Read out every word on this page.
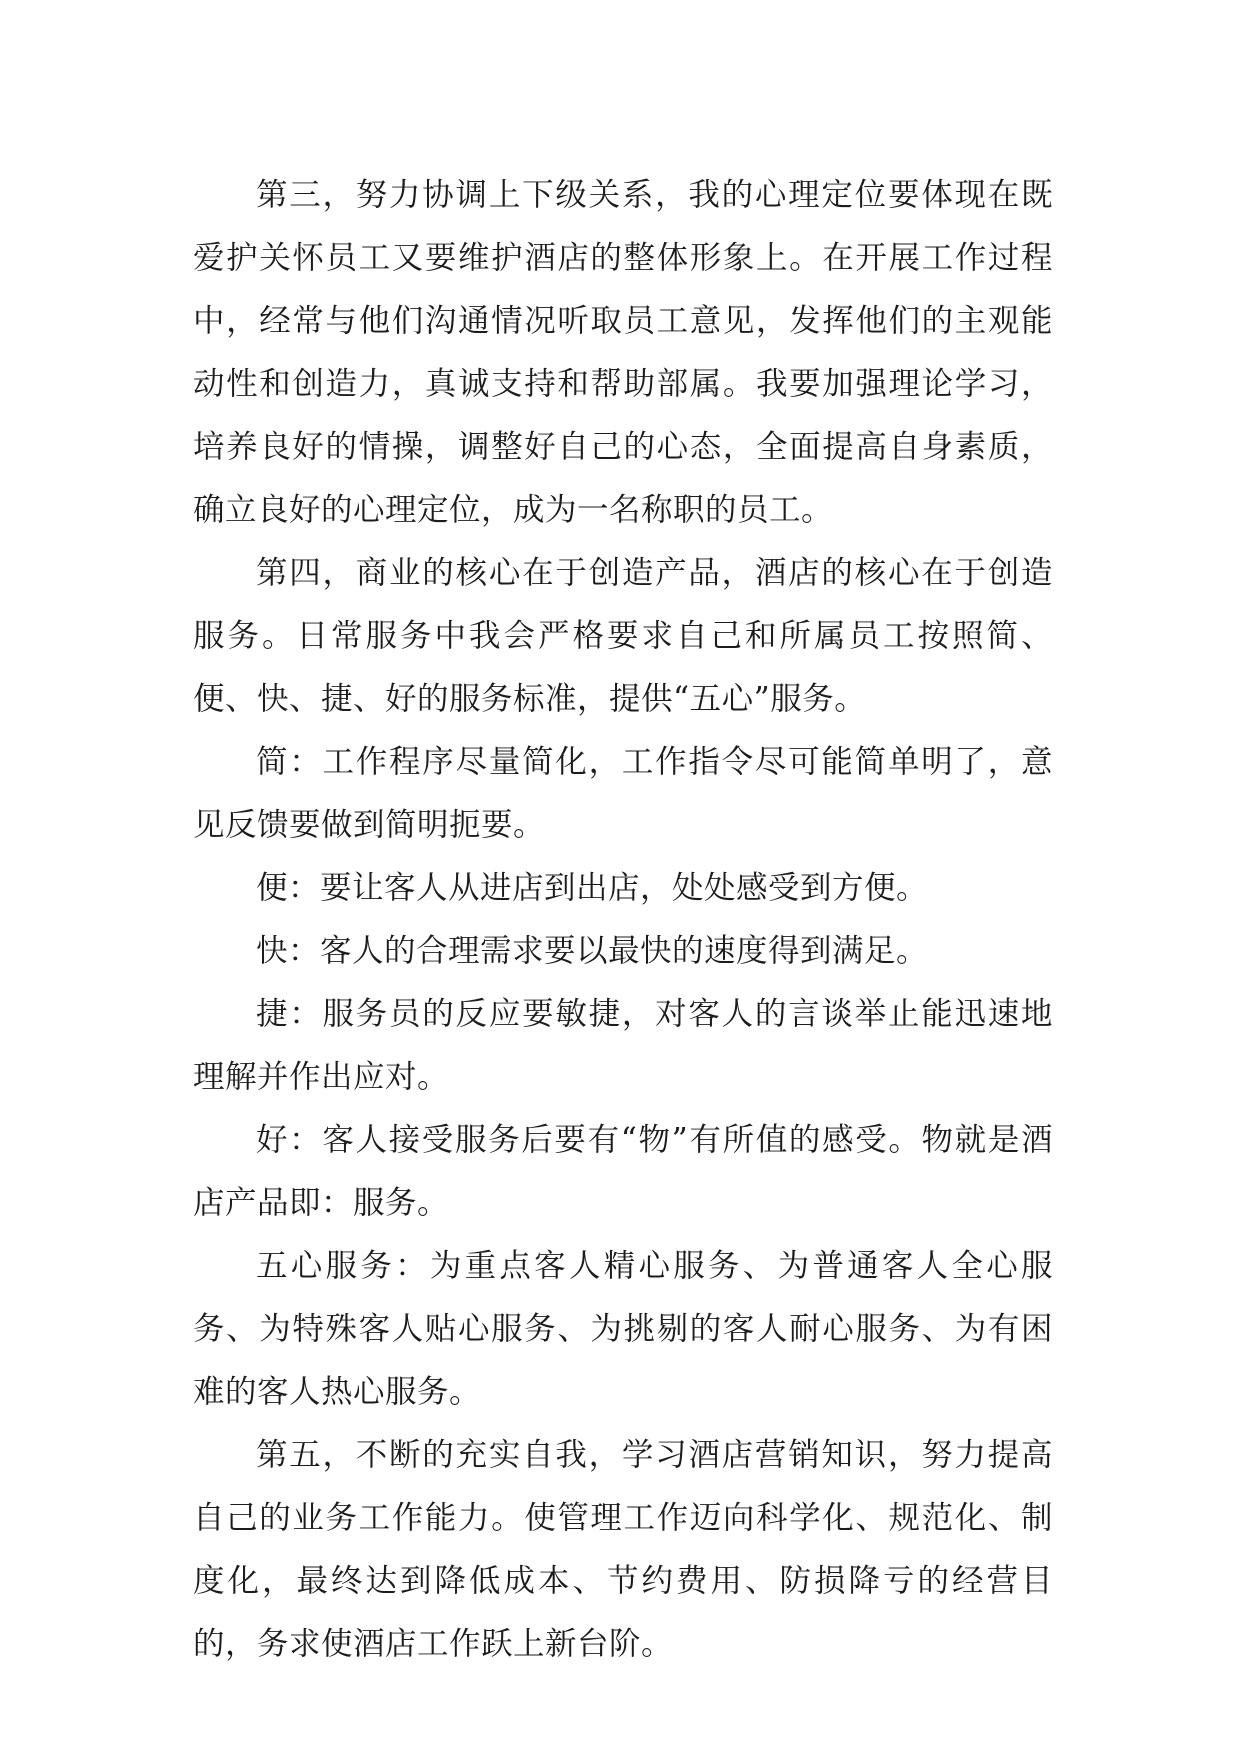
第三，努力协调上下级关系，我的心理定位要体现在既爱护关怀员工又要维护酒店的整体形象上。在开展工作过程中，经常与他们沟通情况听取员工意见，发挥他们的主观能动性和创造力，真诚支持和帮助部属。我要加强理论学习，培养良好的情操，调整好自己的心态，全面提高自身素质，确立良好的心理定位，成为一名称职的员工。

第四，商业的核心在于创造产品，酒店的核心在于创造服务。日常服务中我会严格要求自己和所属员工按照简、便、快、捷、好的服务标准，提供“五心”服务。

简：工作程序尽量简化，工作指令尽可能简单明了，意见反馈要做到简明扼要。

便：要让客人从进店到出店，处处感受到方便。

快：客人的合理需求要以最快的速度得到满足。

捷：服务员的反应要敏捷，对客人的言谈举止能迅速地理解并作出应对。

好：客人接受服务后要有“物”有所值的感受。物就是酒店产品即：服务。

五心服务：为重点客人精心服务、为普通客人全心服务、为特殊客人贴心服务、为挑剔的客人耐心服务、为有困难的客人热心服务。

第五，不断的充实自我，学习酒店营销知识，努力提高自己的业务工作能力。使管理工作迈向科学化、规范化、制度化，最终达到降低成本、节约费用、防损降亏的经营目的，务求使酒店工作跃上新台阶。
